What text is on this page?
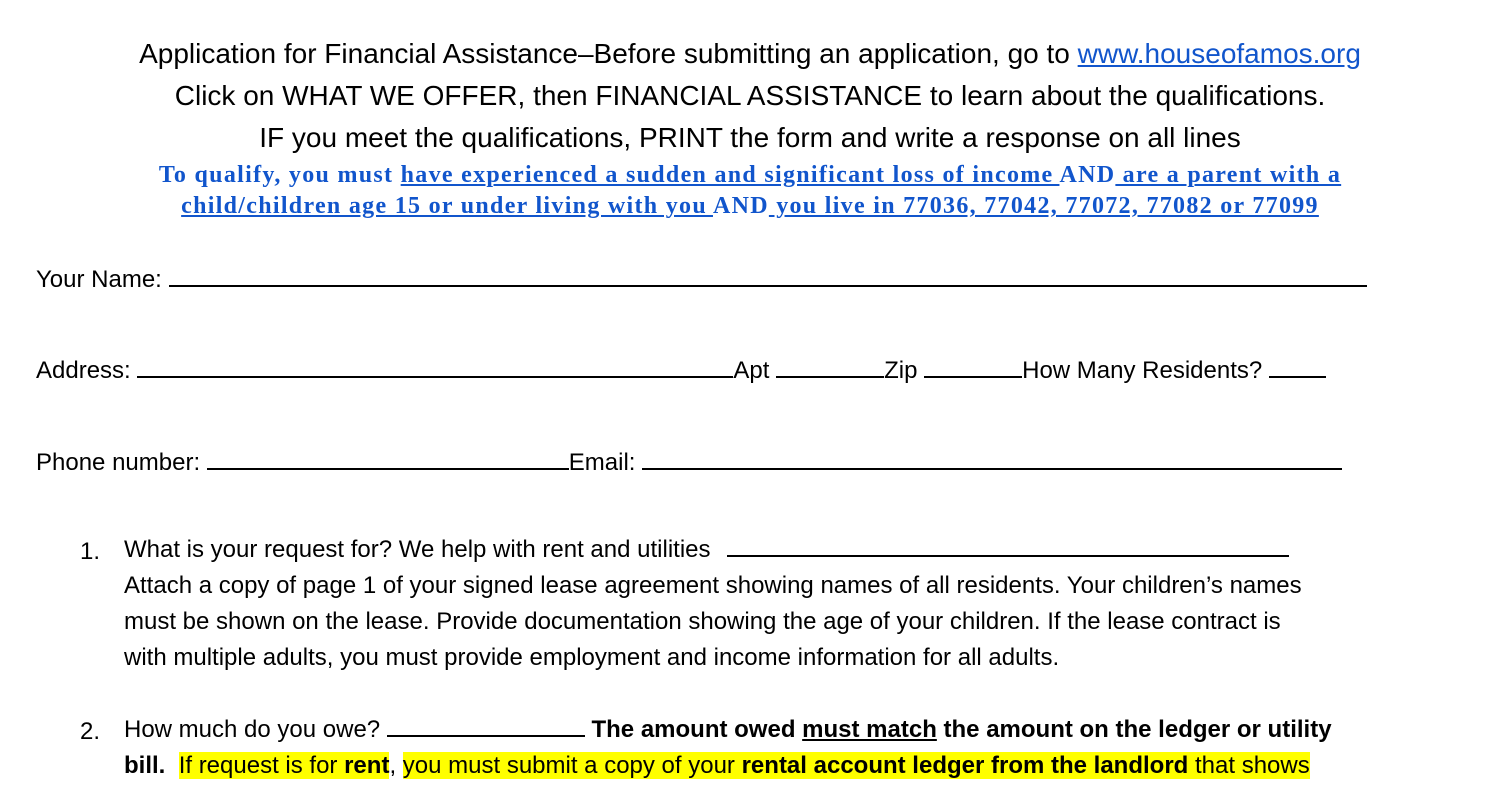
Application for Financial Assistance–Before submitting an application, go to www.houseofamos.org
Click on WHAT WE OFFER, then FINANCIAL ASSISTANCE to learn about the qualifications.
IF you meet the qualifications, PRINT the form and write a response on all lines
To qualify, you must have experienced a sudden and significant loss of income AND are a parent with a
child/children age 15 or under living with you AND you live in 77036, 77042, 77072, 77082 or 77099
Your Name:
Address:	Apt	Zip	How Many Residents?
Phone number:	Email:
1. What is your request for? We help with rent and utilities
Attach a copy of page 1 of your signed lease agreement showing names of all residents. Your children’s names
must be shown on the lease. Provide documentation showing the age of your children. If the lease contract is
with multiple adults, you must provide employment and income information for all adults.
2. How much do you owe?	The amount owed must match the amount on the ledger or utility
bill. If request is for rent, you must submit a copy of your rental account ledger from the landlord that shows
